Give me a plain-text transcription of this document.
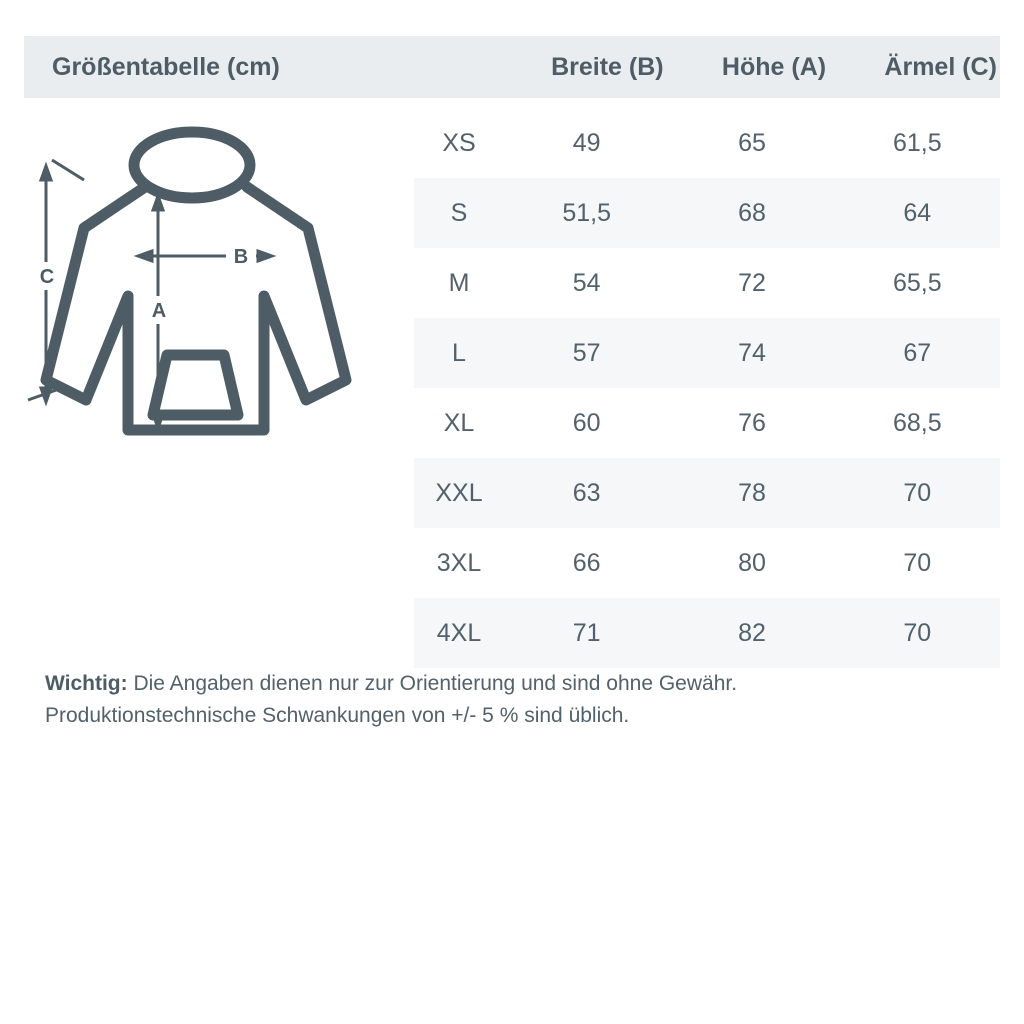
Größentabelle (cm)	Breite (B)	Höhe (A)	Ärmel (C)
B
A
C
XS	49	65	61,5
S	51,5	68	64
M	54	72	65,5
L	57	74	67
XL	60	76	68,5
XXL	63	78	70
3XL	66	80	70
4XL	71	82	70
Wichtig: Die Angaben dienen nur zur Orientierung und sind ohne Gewähr.
Produktionstechnische Schwankungen von +/- 5 % sind üblich.
